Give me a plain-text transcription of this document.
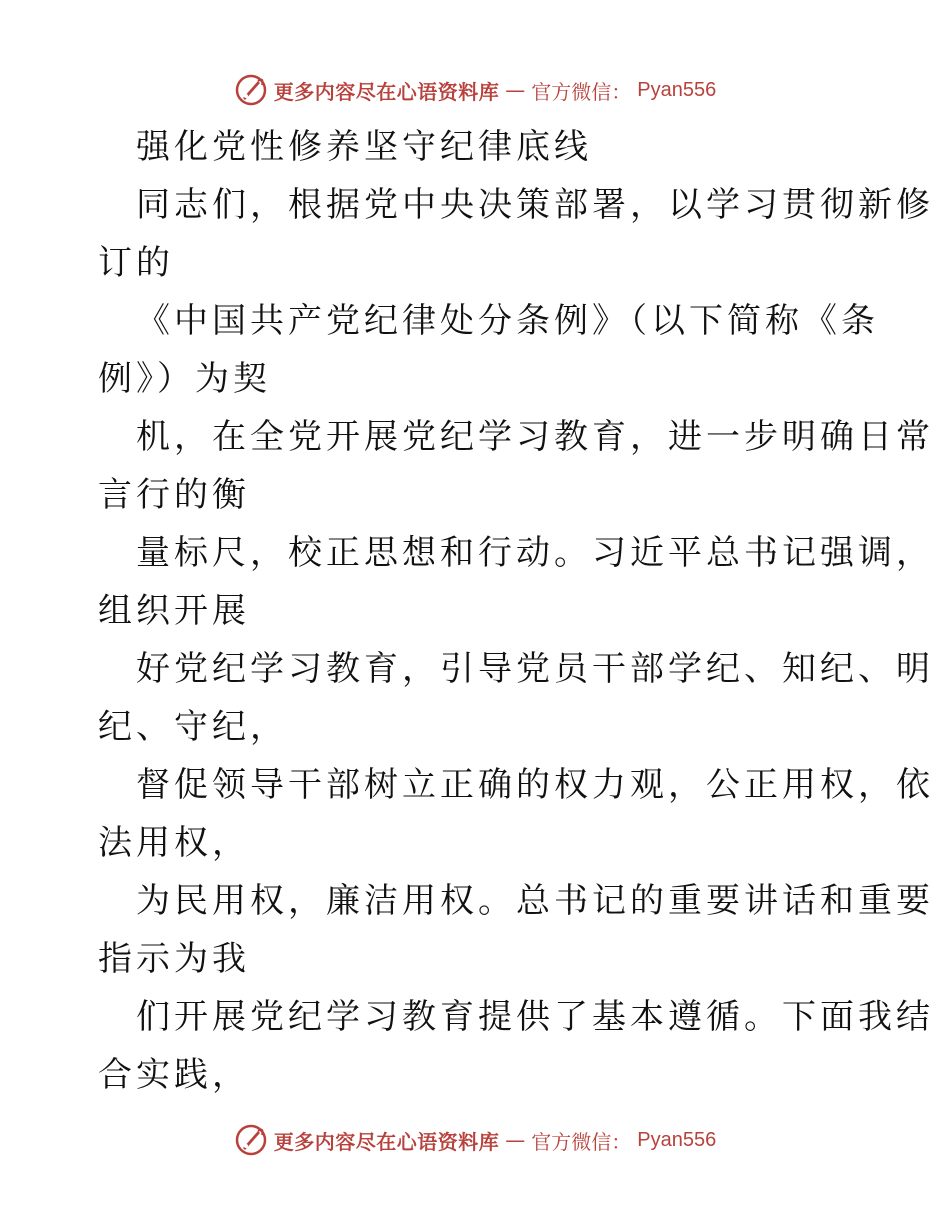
更多内容尽在心语资料库 — 官方微信： Pyan556
强化党性修养坚守纪律底线
同志们，根据党中央决策部署，以学习贯彻新修
订的
《中国共产党纪律处分条例》（以下简称《条
例》）为契
机，在全党开展党纪学习教育，进一步明确日常
言行的衡
量标尺，校正思想和行动。习近平总书记强调，
组织开展
好党纪学习教育，引导党员干部学纪、知纪、明
纪、守纪，
督促领导干部树立正确的权力观，公正用权，依
法用权，
为民用权，廉洁用权。总书记的重要讲话和重要
指示为我
们开展党纪学习教育提供了基本遵循。下面我结
合实践，
更多内容尽在心语资料库 — 官方微信： Pyan556
